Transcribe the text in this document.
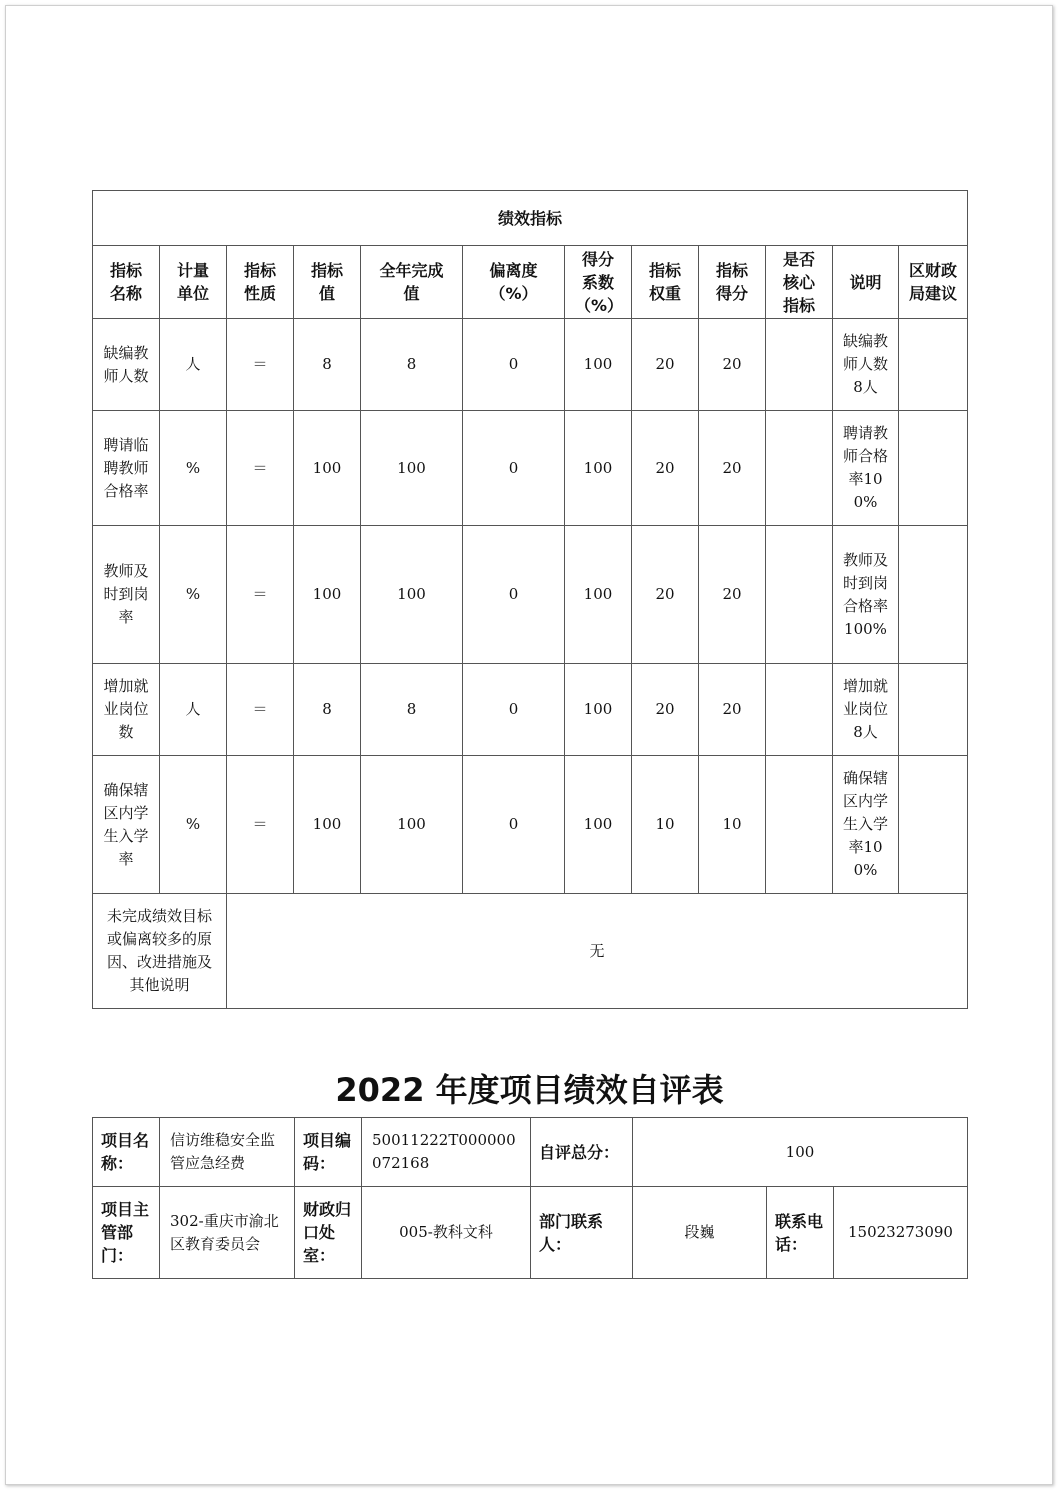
绩效指标											
指标名称	计量单位	指标性质	指标值	全年完成值	偏离度（%）	得分系数（%）	指标权重	指标得分	是否核心指标	说明	区财政局建议
缺编教师人数	人	＝	8	8	0	100	20	20		缺编教师人数8人	
聘请临聘教师合格率	%	＝	100	100	0	100	20	20		聘请教师合格率100%	
教师及时到岗率	%	＝	100	100	0	100	20	20		教师及时到岗合格率100%	
增加就业岗位数	人	＝	8	8	0	100	20	20		增加就业岗位8人	
确保辖区内学生入学率	%	＝	100	100	0	100	10	10		确保辖区内学生入学率100%	
未完成绩效目标或偏离较多的原因、改进措施及其他说明		无									
2022 年度项目绩效自评表
项目名称：	信访维稳安全监管应急经费	项目编码：	50011222T000000072168	自评总分：	100		
项目主管部门：	302-重庆市渝北区教育委员会	财政归口处室：	005-教科文科	部门联系人：	段巍	联系电话：	15023273090
